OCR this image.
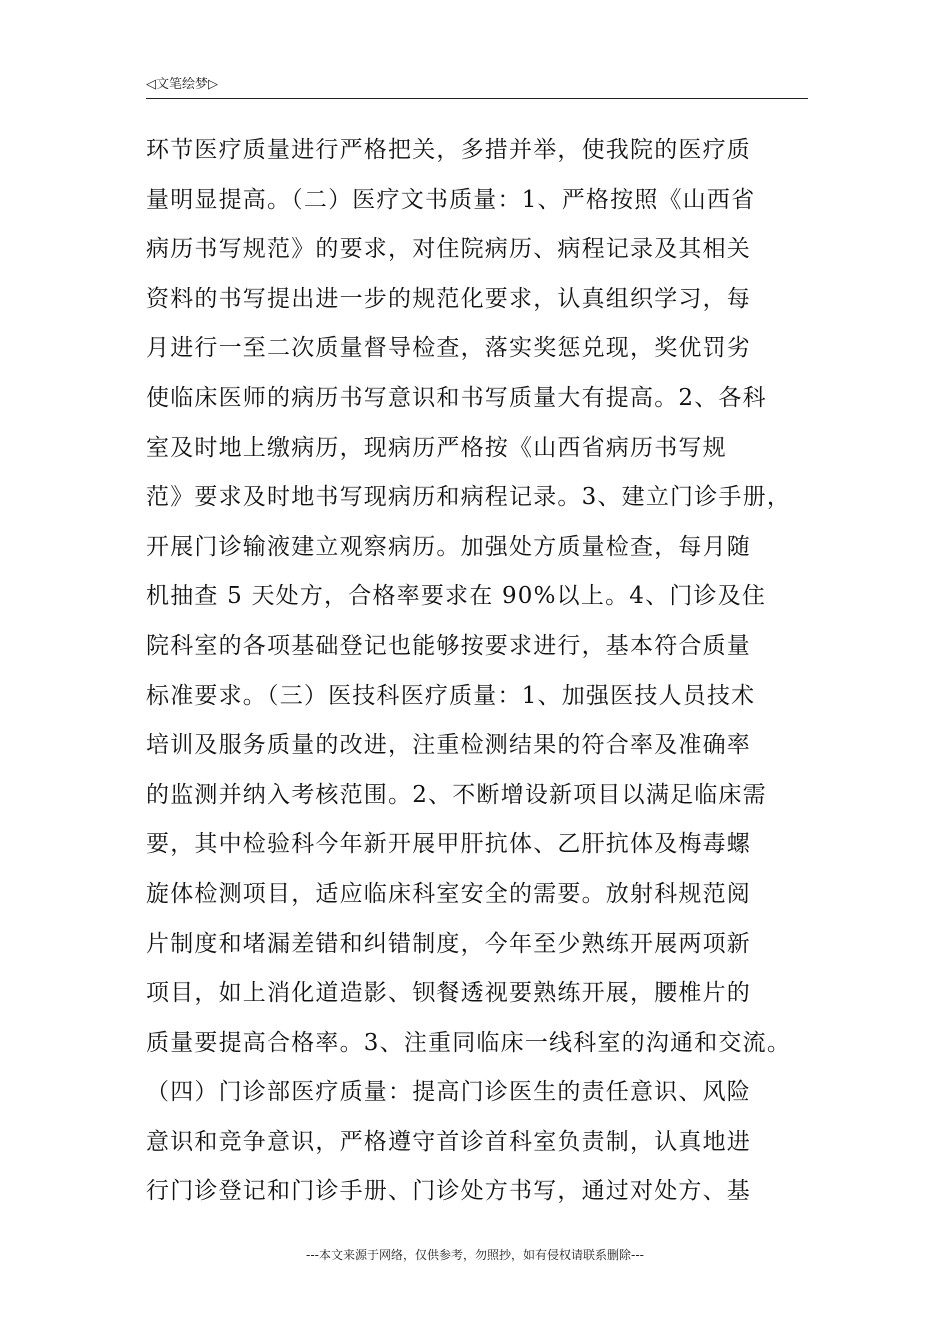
◁文笔绘梦▷
环节医疗质量进行严格把关，多措并举，使我院的医疗质
量明显提高。（二）医疗文书质量：1、严格按照《山西省
病历书写规范》的要求，对住院病历、病程记录及其相关
资料的书写提出进一步的规范化要求，认真组织学习，每
月进行一至二次质量督导检查，落实奖惩兑现，奖优罚劣
使临床医师的病历书写意识和书写质量大有提高。2、各科
室及时地上缴病历，现病历严格按《山西省病历书写规
范》要求及时地书写现病历和病程记录。3、建立门诊手册，
开展门诊输液建立观察病历。加强处方质量检查，每月随
机抽查 5 天处方，合格率要求在 90%以上。4、门诊及住
院科室的各项基础登记也能够按要求进行，基本符合质量
标准要求。（三）医技科医疗质量：1、加强医技人员技术
培训及服务质量的改进，注重检测结果的符合率及准确率
的监测并纳入考核范围。2、不断增设新项目以满足临床需
要，其中检验科今年新开展甲肝抗体、乙肝抗体及梅毒螺
旋体检测项目，适应临床科室安全的需要。放射科规范阅
片制度和堵漏差错和纠错制度，今年至少熟练开展两项新
项目，如上消化道造影、钡餐透视要熟练开展，腰椎片的
质量要提高合格率。3、注重同临床一线科室的沟通和交流。
（四）门诊部医疗质量：提高门诊医生的责任意识、风险
意识和竞争意识，严格遵守首诊首科室负责制，认真地进
行门诊登记和门诊手册、门诊处方书写，通过对处方、基
---本文来源于网络，仅供参考，勿照抄，如有侵权请联系删除---
